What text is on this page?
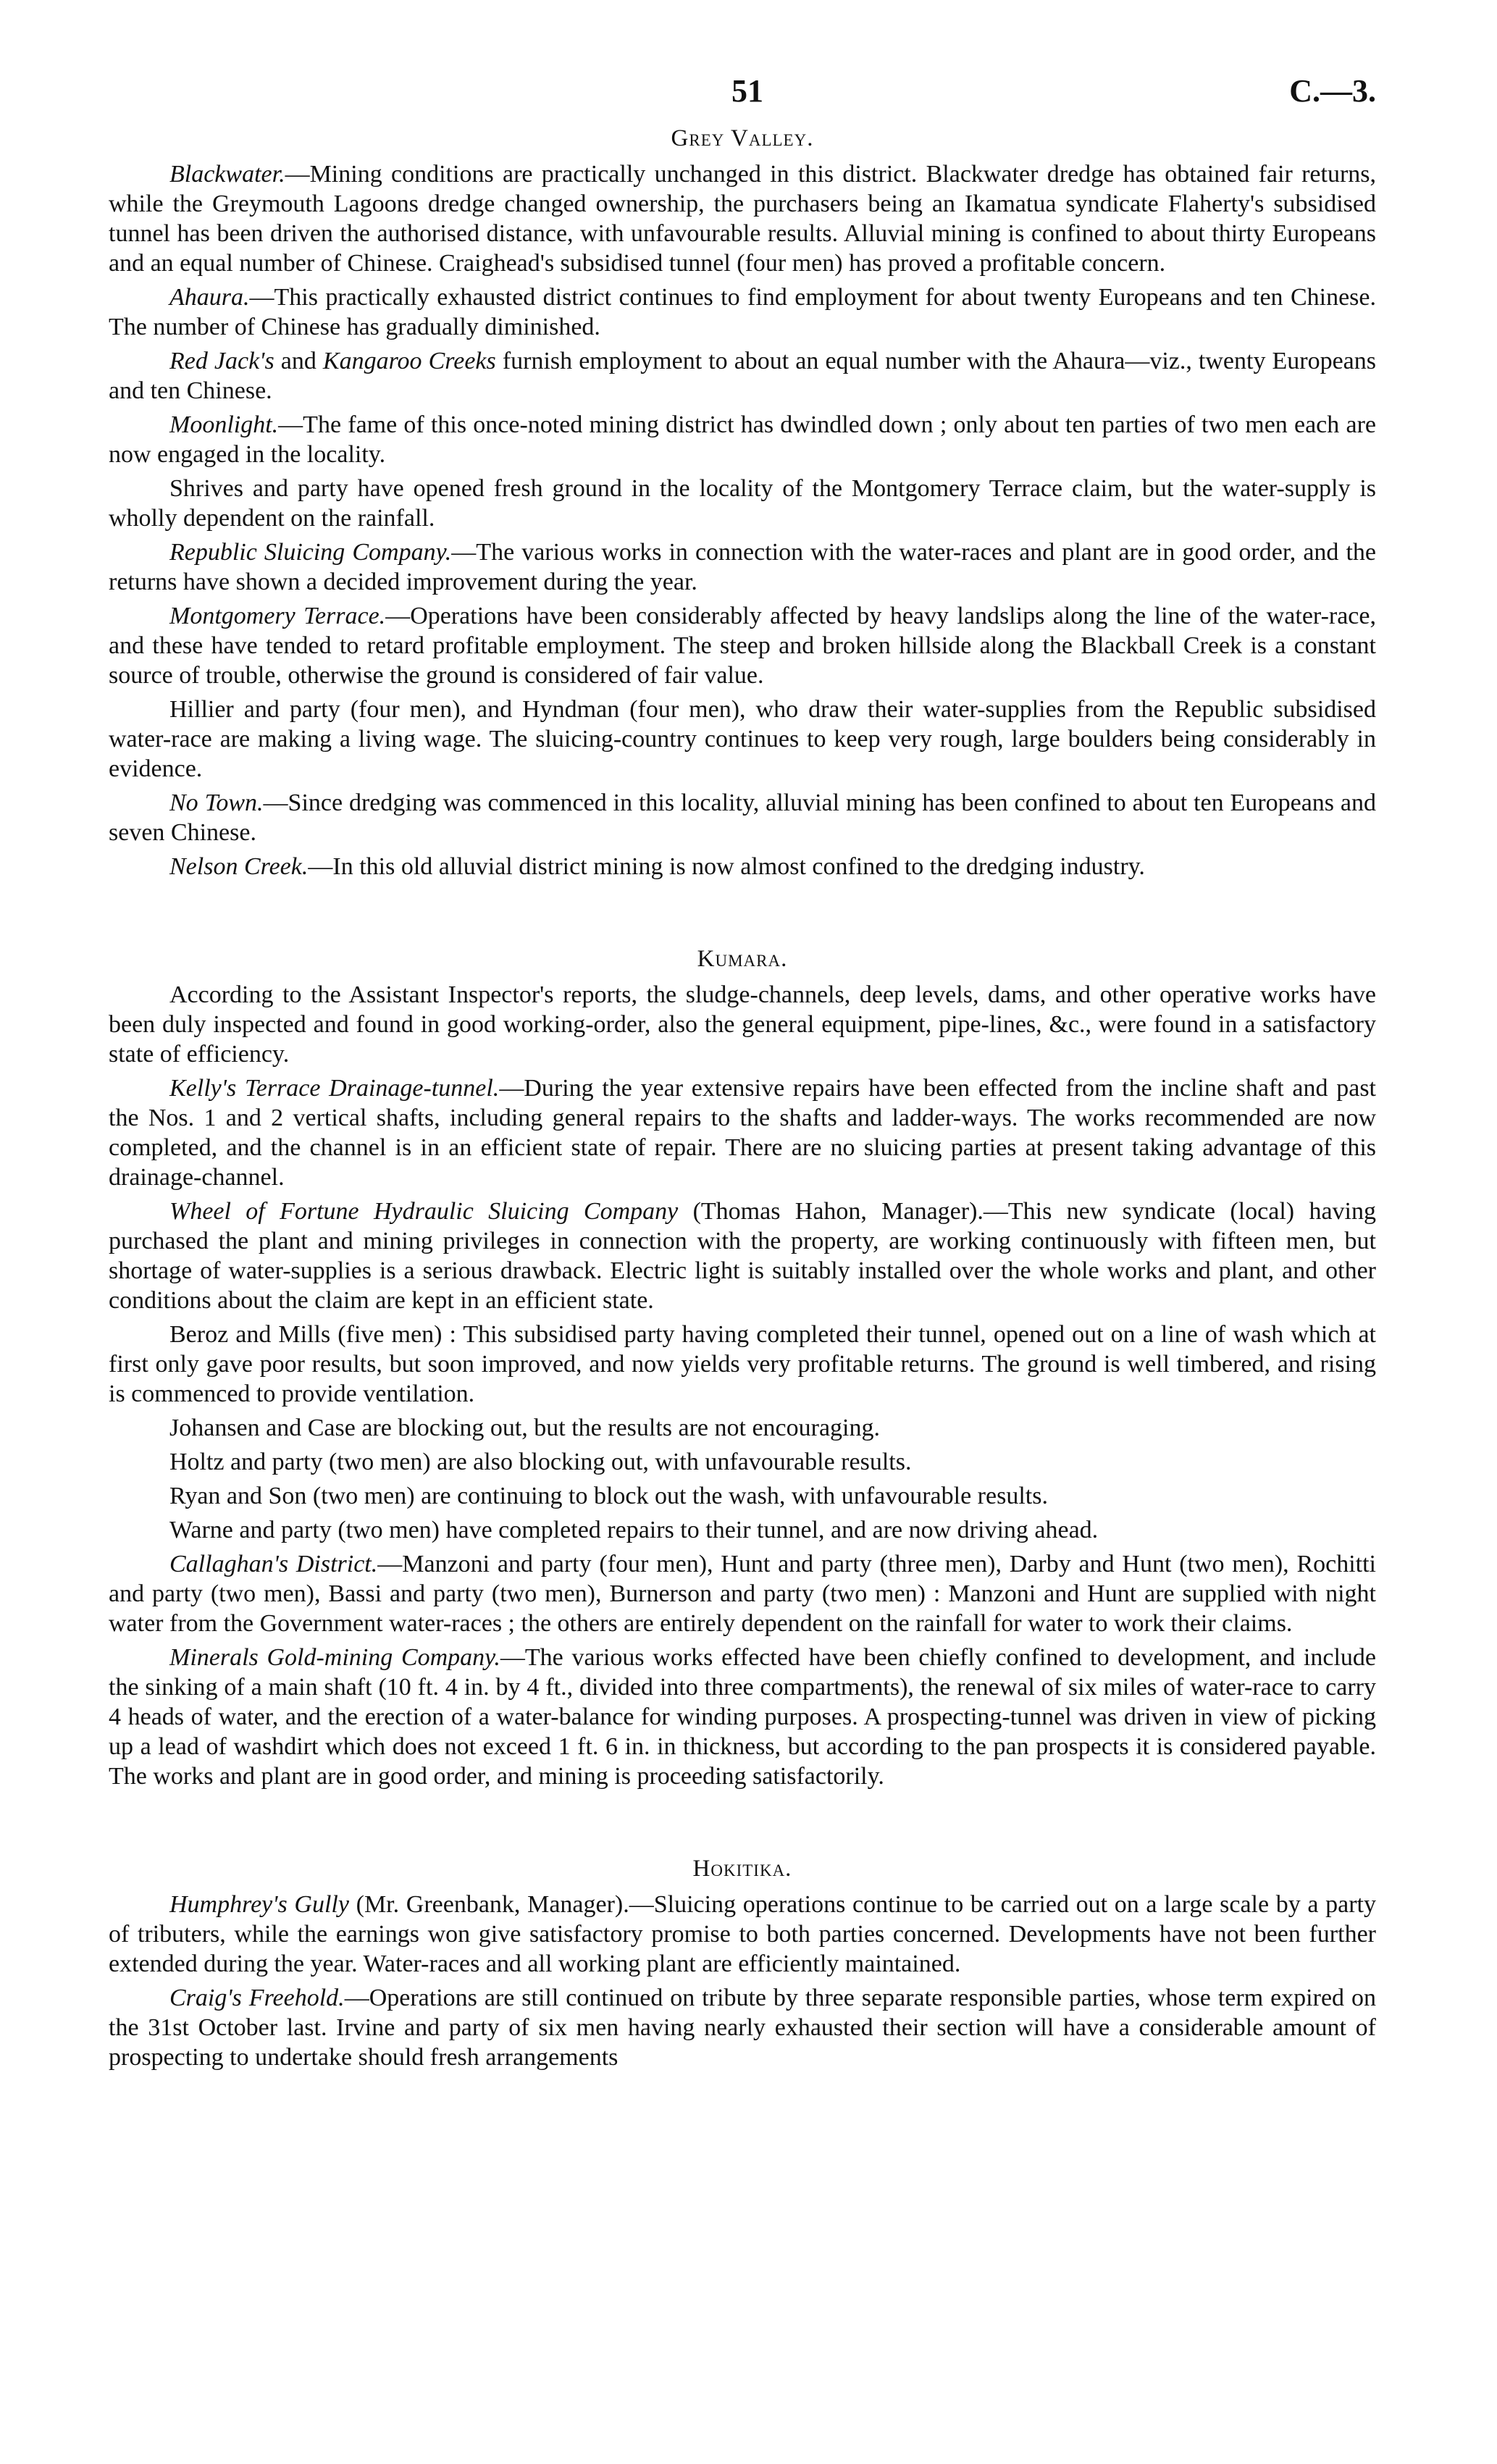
51	C.—3.
Grey Valley.

Blackwater.—Mining conditions are practically unchanged in this district. Blackwater dredge has obtained fair returns, while the Greymouth Lagoons dredge changed ownership, the purchasers being an Ikamatua syndicate Flaherty's subsidised tunnel has been driven the authorised distance, with unfavourable results. Alluvial mining is confined to about thirty Europeans and an equal number of Chinese. Craighead's subsidised tunnel (four men) has proved a profitable concern.

Ahaura.—This practically exhausted district continues to find employment for about twenty Europeans and ten Chinese. The number of Chinese has gradually diminished.

Red Jack's and Kangaroo Creeks furnish employment to about an equal number with the Ahaura—viz., twenty Europeans and ten Chinese.

Moonlight.—The fame of this once-noted mining district has dwindled down ; only about ten parties of two men each are now engaged in the locality.

Shrives and party have opened fresh ground in the locality of the Montgomery Terrace claim, but the water-supply is wholly dependent on the rainfall.

Republic Sluicing Company.—The various works in connection with the water-races and plant are in good order, and the returns have shown a decided improvement during the year.

Montgomery Terrace.—Operations have been considerably affected by heavy landslips along the line of the water-race, and these have tended to retard profitable employment. The steep and broken hillside along the Blackball Creek is a constant source of trouble, otherwise the ground is considered of fair value.

Hillier and party (four men), and Hyndman (four men), who draw their water-supplies from the Republic subsidised water-race are making a living wage. The sluicing-country continues to keep very rough, large boulders being considerably in evidence.

No Town.—Since dredging was commenced in this locality, alluvial mining has been confined to about ten Europeans and seven Chinese.

Nelson Creek.—In this old alluvial district mining is now almost confined to the dredging industry.

Kumara.

According to the Assistant Inspector's reports, the sludge-channels, deep levels, dams, and other operative works have been duly inspected and found in good working-order, also the general equipment, pipe-lines, &c., were found in a satisfactory state of efficiency.

Kelly's Terrace Drainage-tunnel.—During the year extensive repairs have been effected from the incline shaft and past the Nos. 1 and 2 vertical shafts, including general repairs to the shafts and ladder-ways. The works recommended are now completed, and the channel is in an efficient state of repair. There are no sluicing parties at present taking advantage of this drainage-channel.

Wheel of Fortune Hydraulic Sluicing Company (Thomas Hahon, Manager).—This new syndicate (local) having purchased the plant and mining privileges in connection with the property, are working continuously with fifteen men, but shortage of water-supplies is a serious drawback. Electric light is suitably installed over the whole works and plant, and other conditions about the claim are kept in an efficient state.

Beroz and Mills (five men) : This subsidised party having completed their tunnel, opened out on a line of wash which at first only gave poor results, but soon improved, and now yields very profitable returns. The ground is well timbered, and rising is commenced to provide ventilation.

Johansen and Case are blocking out, but the results are not encouraging.

Holtz and party (two men) are also blocking out, with unfavourable results.

Ryan and Son (two men) are continuing to block out the wash, with unfavourable results.

Warne and party (two men) have completed repairs to their tunnel, and are now driving ahead.

Callaghan's District.—Manzoni and party (four men), Hunt and party (three men), Darby and Hunt (two men), Rochitti and party (two men), Bassi and party (two men), Burnerson and party (two men) : Manzoni and Hunt are supplied with night water from the Government water-races ; the others are entirely dependent on the rainfall for water to work their claims.

Minerals Gold-mining Company.—The various works effected have been chiefly confined to development, and include the sinking of a main shaft (10 ft. 4 in. by 4 ft., divided into three compartments), the renewal of six miles of water-race to carry 4 heads of water, and the erection of a water-balance for winding purposes. A prospecting-tunnel was driven in view of picking up a lead of washdirt which does not exceed 1 ft. 6 in. in thickness, but according to the pan prospects it is considered payable. The works and plant are in good order, and mining is proceeding satisfactorily.

Hokitika.

Humphrey's Gully (Mr. Greenbank, Manager).—Sluicing operations continue to be carried out on a large scale by a party of tributers, while the earnings won give satisfactory promise to both parties concerned. Developments have not been further extended during the year. Water-races and all working plant are efficiently maintained.

Craig's Freehold.—Operations are still continued on tribute by three separate responsible parties, whose term expired on the 31st October last. Irvine and party of six men having nearly exhausted their section will have a considerable amount of prospecting to undertake should fresh arrangements
